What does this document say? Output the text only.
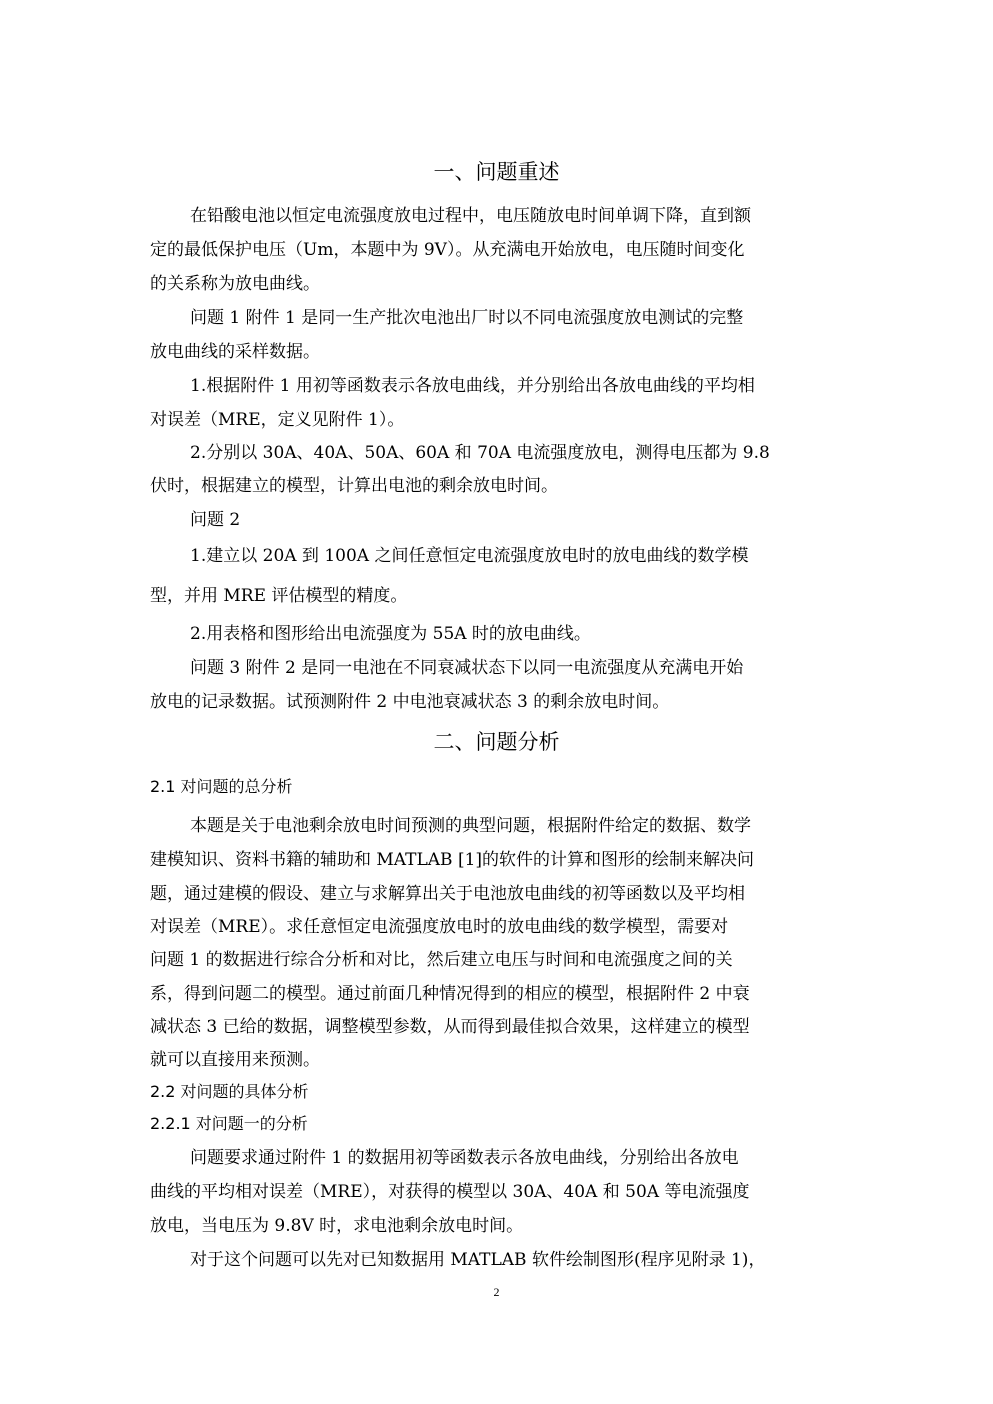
一、问题重述
在铅酸电池以恒定电流强度放电过程中，电压随放电时间单调下降，直到额
定的最低保护电压（Um，本题中为 9V）。从充满电开始放电，电压随时间变化
的关系称为放电曲线。
问题 1 附件 1 是同一生产批次电池出厂时以不同电流强度放电测试的完整
放电曲线的采样数据。
1.根据附件 1 用初等函数表示各放电曲线，并分别给出各放电曲线的平均相
对误差（MRE，定义见附件 1）。
2.分别以 30A、40A、50A、60A 和 70A 电流强度放电，测得电压都为 9.8
伏时，根据建立的模型，计算出电池的剩余放电时间。
问题 2
1.建立以 20A 到 100A 之间任意恒定电流强度放电时的放电曲线的数学模
型，并用 MRE 评估模型的精度。
2.用表格和图形给出电流强度为 55A 时的放电曲线。
问题 3 附件 2 是同一电池在不同衰减状态下以同一电流强度从充满电开始
放电的记录数据。试预测附件 2 中电池衰减状态 3 的剩余放电时间。
二、问题分析
2.1 对问题的总分析
本题是关于电池剩余放电时间预测的典型问题，根据附件给定的数据、数学
建模知识、资料书籍的辅助和 MATLAB [1]的软件的计算和图形的绘制来解决问
题，通过建模的假设、建立与求解算出关于电池放电曲线的初等函数以及平均相
对误差（MRE）。求任意恒定电流强度放电时的放电曲线的数学模型，需要对
问题 1 的数据进行综合分析和对比，然后建立电压与时间和电流强度之间的关
系，得到问题二的模型。通过前面几种情况得到的相应的模型，根据附件 2 中衰
减状态 3 已给的数据，调整模型参数，从而得到最佳拟合效果，这样建立的模型
就可以直接用来预测。
2.2 对问题的具体分析
2.2.1 对问题一的分析
问题要求通过附件 1 的数据用初等函数表示各放电曲线，分别给出各放电
曲线的平均相对误差（MRE），对获得的模型以 30A、40A 和 50A 等电流强度
放电，当电压为 9.8V 时，求电池剩余放电时间。
对于这个问题可以先对已知数据用 MATLAB 软件绘制图形(程序见附录 1)，
2
